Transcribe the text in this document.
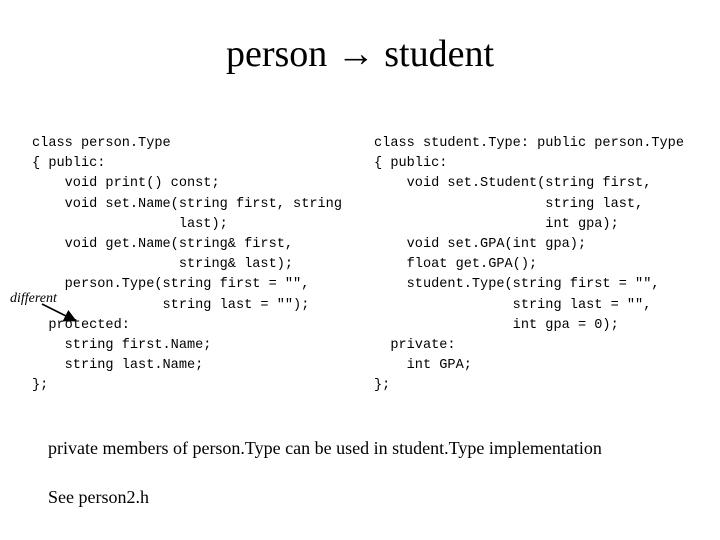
person → student
class person.Type
{ public:
void print() const;
void set.Name(string first, string
last);
void get.Name(string& first,
string& last);
person.Type(string first = "",
string last = "");
protected:
string first.Name;
string last.Name;
};

class student.Type: public person.Type
{ public:
void set.Student(string first,
string last,
int gpa);
void set.GPA(int gpa);
float get.GPA();
student.Type(string first = "",
string last = "",
int gpa = 0);
private:
int GPA;
};

different
private members of person.Type can be used in student.Type implementation
See person2.h
